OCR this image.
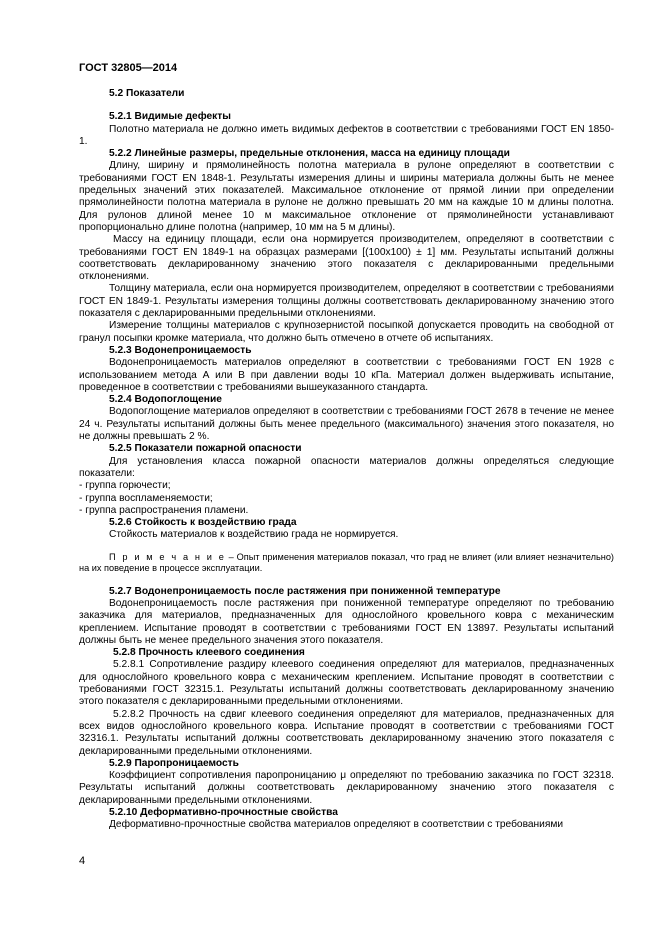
ГОСТ 32805—2014

5.2 Показатели

5.2.1 Видимые дефекты

Полотно материала не должно иметь видимых дефектов в соответствии с требованиями ГОСТ EN 1850-1.

5.2.2 Линейные размеры, предельные отклонения, масса на единицу площади

Длину, ширину и прямолинейность полотна материала в рулоне определяют в соответствии с требованиями ГОСТ EN 1848-1. Результаты измерения длины и ширины материала должны быть не менее предельных значений этих показателей. Максимальное отклонение от прямой линии при определении прямолинейности полотна материала в рулоне не должно превышать 20 мм на каждые 10 м длины полотна. Для рулонов длиной менее 10 м максимальное отклонение от прямолинейности устанавливают пропорционально длине полотна (например, 10 мм на 5 м длины).

Массу на единицу площади, если она нормируется производителем, определяют в соответствии с требованиями ГОСТ EN 1849-1 на образцах размерами [(100х100) ± 1] мм. Результаты испытаний должны соответствовать декларированному значению этого показателя с декларированными предельными отклонениями.

Толщину материала, если она нормируется производителем, определяют в соответствии с требованиями ГОСТ EN 1849-1. Результаты измерения толщины должны соответствовать декларированному значению этого показателя с декларированными предельными отклонениями.

Измерение толщины материалов с крупнозернистой посыпкой допускается проводить на свободной от гранул посыпки кромке материала, что должно быть отмечено в отчете об испытаниях.

5.2.3 Водонепроницаемость

Водонепроницаемость материалов определяют в соответствии с требованиями ГОСТ EN 1928 с использованием метода А или В при давлении воды 10 кПа. Материал должен выдерживать испытание, проведенное в соответствии с требованиями вышеуказанного стандарта.

5.2.4 Водопоглощение

Водопоглощение материалов определяют в соответствии с требованиями ГОСТ 2678 в течение не менее 24 ч. Результаты испытаний должны быть менее предельного (максимального) значения этого показателя, но не должны превышать 2 %.

5.2.5 Показатели пожарной опасности

Для установления класса пожарной опасности материалов должны определяться следующие показатели:

- группа горючести;

- группа воспламеняемости;

- группа распространения пламени.

5.2.6 Стойкость к воздействию града

Стойкость материалов к воздействию града не нормируется.

П р и м е ч а н и е – Опыт применения материалов показал, что град не влияет (или влияет незначительно) на их поведение в процессе эксплуатации.

5.2.7 Водонепроницаемость после растяжения при пониженной температуре

Водонепроницаемость после растяжения при пониженной температуре определяют по требованию заказчика для материалов, предназначенных для однослойного кровельного ковра с механическим креплением. Испытание проводят в соответствии с требованиями ГОСТ EN 13897. Результаты испытаний должны быть не менее предельного значения этого показателя.

5.2.8 Прочность клеевого соединения

5.2.8.1 Сопротивление раздиру клеевого соединения определяют для материалов, предназначенных для однослойного кровельного ковра с механическим креплением. Испытание проводят в соответствии с требованиями ГОСТ 32315.1. Результаты испытаний должны соответствовать декларированному значению этого показателя с декларированными предельными отклонениями.

5.2.8.2 Прочность на сдвиг клеевого соединения определяют для материалов, предназначенных для всех видов однослойного кровельного ковра. Испьтание проводят в соответствии с требованиями ГОСТ 32316.1. Результаты испытаний должны соответствовать декларированному значению этого показателя с декларированными предельными отклонениями.

5.2.9 Паропроницаемость

Коэффициент сопротивления паропроницанию μ определяют по требованию заказчика по ГОСТ 32318. Результаты испытаний должны соответствовать декларированному значению этого показателя с декларированными предельными отклонениями.

5.2.10 Деформативно-прочностные свойства

Деформативно-прочностные свойства материалов определяют в соответствии с требованиями

4
